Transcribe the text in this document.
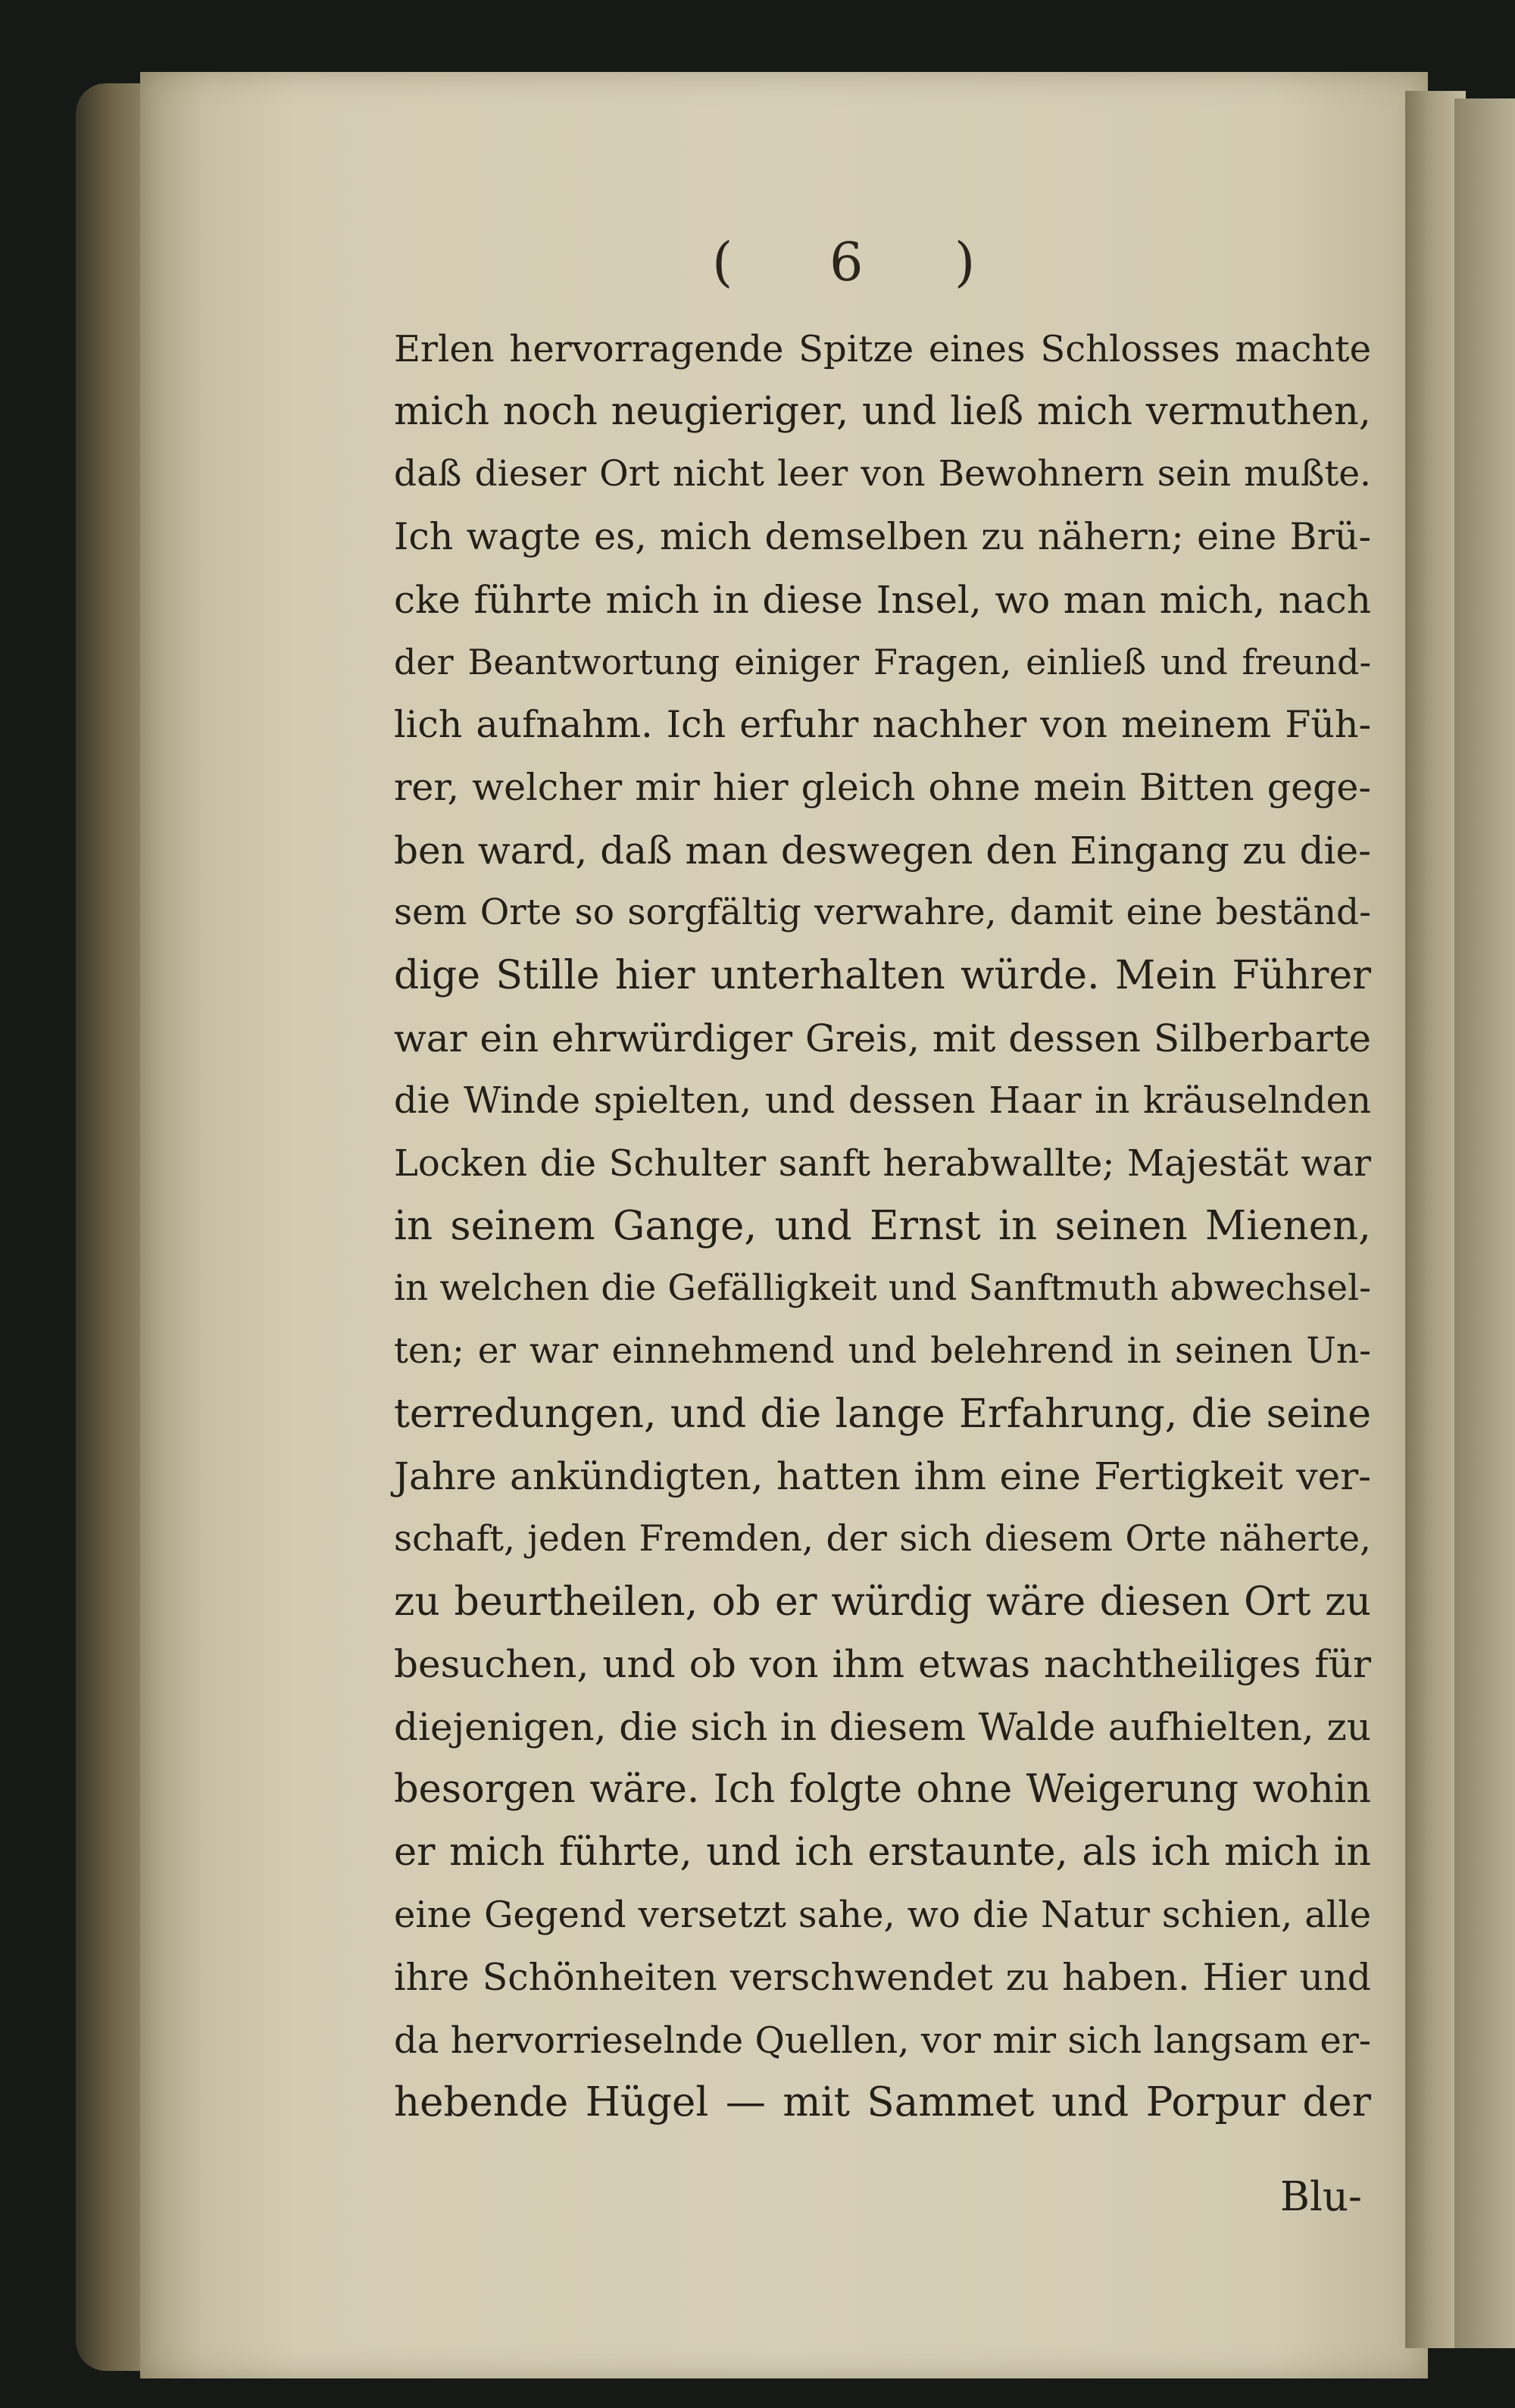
( 6 )
Erlen hervorragende Spitze eines Schlosses machte
mich noch neugieriger, und ließ mich vermuthen,
daß dieser Ort nicht leer von Bewohnern sein mußte.
Ich wagte es, mich demselben zu nähern; eine Brü-
cke führte mich in diese Insel, wo man mich, nach
der Beantwortung einiger Fragen, einließ und freund-
lich aufnahm. Ich erfuhr nachher von meinem Füh-
rer, welcher mir hier gleich ohne mein Bitten gege-
ben ward, daß man deswegen den Eingang zu die-
sem Orte so sorgfältig verwahre, damit eine beständ-
dige Stille hier unterhalten würde. Mein Führer
war ein ehrwürdiger Greis, mit dessen Silberbarte
die Winde spielten, und dessen Haar in kräuselnden
Locken die Schulter sanft herabwallte; Majestät war
in seinem Gange, und Ernst in seinen Mienen,
in welchen die Gefälligkeit und Sanftmuth abwechsel-
ten; er war einnehmend und belehrend in seinen Un-
terredungen, und die lange Erfahrung, die seine
Jahre ankündigten, hatten ihm eine Fertigkeit ver-
schaft, jeden Fremden, der sich diesem Orte näherte,
zu beurtheilen, ob er würdig wäre diesen Ort zu
besuchen, und ob von ihm etwas nachtheiliges für
diejenigen, die sich in diesem Walde aufhielten, zu
besorgen wäre. Ich folgte ohne Weigerung wohin
er mich führte, und ich erstaunte, als ich mich in
eine Gegend versetzt sahe, wo die Natur schien, alle
ihre Schönheiten verschwendet zu haben. Hier und
da hervorrieselnde Quellen, vor mir sich langsam er-
hebende Hügel — mit Sammet und Porpur der
Blu-
